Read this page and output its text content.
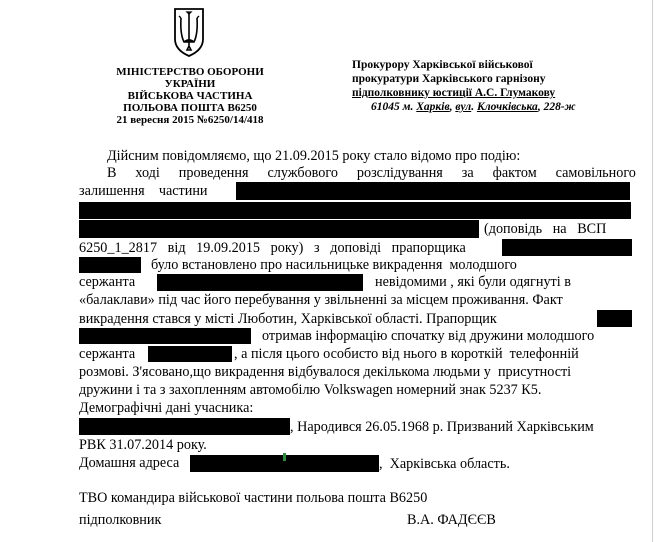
МІНІСТЕРСТВО ОБОРОНИ
УКРАЇНИ
ВІЙСЬКОВА ЧАСТИНА
ПОЛЬОВА ПОШТА В6250
21 вересня 2015 №6250/14/418
Прокурору Харківської військової
прокуратури Харківського гарнізону
підполковнику юстиції А.С. Глумакову
61045 м. Харків, вул. Клочківська, 228-ж
Дійсним повідомляємо, що 21.09.2015 року стало відомо про подію:
В ході проведення службового розслідування за фактом самовільного
залишення    частини
(доповідь   на   ВСП
6250_1_2817   від   19.09.2015   року)   з   доповіді   прапорщика
було встановлено про насильницьке викрадення  молодшого
сержанта	невідомими , які були одягнуті в
«балаклави» під час його перебування у звільненні за місцем проживання. Факт
викрадення стався у місті Люботин, Харківської області. Прапорщик
отримав інформацію спочатку від дружини молодшого
сержанта	, а після цього особисто від нього в короткій  телефонній
розмові. З'ясовано,що викрадення відбувалося декількома людьми у  присутності
дружини і та з захопленням автомобілю Volkswagen номерний знак 5237 К5.
Демографічні дані учасника:
, Народився 26.05.1968 р. Призваний Харківським
РВК 31.07.2014 року.
Домашня адреса	,  Харківська область.
ТВО командира військової частини польова пошта В6250
підполковник	В.А. ФАДЄЄВ
